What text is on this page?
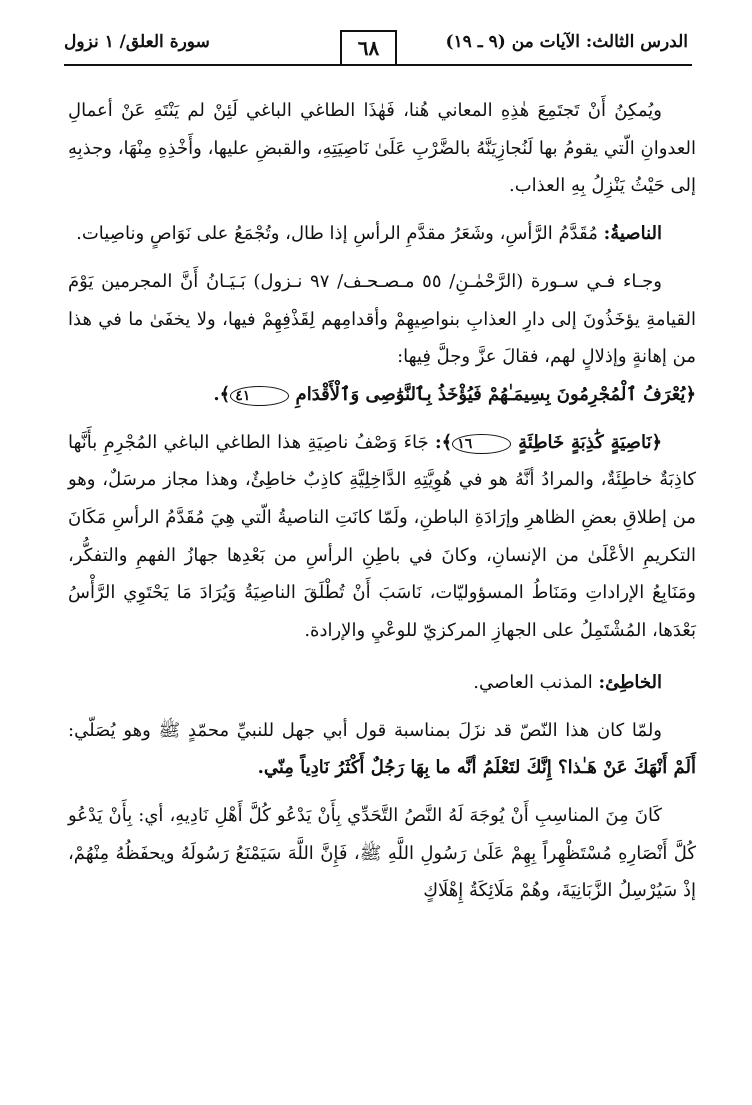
الدرس الثالث: الآيات من (٩ ـ ١٩)
٦٨
سورة العلق/ ١ نزول

ويُمكِنُ أَنْ تَجتَمِعَ هٰذِهِ المعاني هُنا، فَهٰذَا الطاغي الباغي لَئِنْ لم يَنْتَهِ عَنْ أعمالِ العدوانِ الّتي يقومُ بها لَنُجازِيَنَّهُ بالضَّرْبِ عَلَىٰ نَاصِيَتِهِ، والقبضِ عليها، وأَخْذِهِ مِنْهَا، وجذبِهِ إلى حَيْثُ يَنْزِلُ بِهِ العذاب.

الناصيةُ: مُقَدَّمُ الرَّأسِ، وشَعَرُ مقدَّمِ الرأسِ إذا طال، وتُجْمَعُ على نَوَاصٍ وناصِيات.

وجـاء فـي سـورة (الرَّحْمٰـنِ/ ٥٥ مـصـحـف/ ٩٧ نـزول) بَـيَـانُ أَنَّ المجرمين يَوْمَ القيامةِ يؤخَذُونَ إلى دارِ العذابِ بنواصِيهِمْ وأقدامِهم لِقَذْفِهِمْ فيها، ولا يخفَىٰ ما في هذا من إهانةٍ وإذلالٍ لهم، فقالَ عزَّ وجلَّ فِيها:
﴿يُعْرَفُ ٱلْمُجْرِمُونَ بِسِيمَـٰهُمْ فَيُؤْخَذُ بِٱلنَّوَٰصِى وَٱلْأَقْدَامِ ٤١﴾.

﴿نَاصِيَةٍ كَٰذِبَةٍ خَاطِئَةٍ ١٦﴾: جَاءَ وَصْفُ ناصِيَةِ هذا الطاغي الباغي المُجْرِمِ بأَنَّها كاذِبَةٌ خاطِئَةٌ، والمرادُ أنَّهُ هو في هُوِيَّتِهِ الدَّاخِلِيَّةِ كاذِبٌ خاطِئٌ، وهذا مجاز مرسَلٌ، وهو من إطلاقِ بعضِ الظاهرِ وإرَادَةِ الباطنِ، ولَمّا كانَتِ الناصيةُ الّتي هِيَ مُقَدَّمُ الرأسِ مَكَانَ التكريمِ الأعْلَىٰ من الإنسانِ، وكانَ في باطِنِ الرأسِ من بَعْدِها جهازُ الفهمِ والتفكُّر، ومَنَابِعُ الإراداتِ ومَنَاطُ المسؤوليّات، نَاسَبَ أَنْ تُطْلَقَ الناصِيَةُ وَيُرَادَ مَا يَحْتَوِي الرَّأْسُ بَعْدَها، المُشْتَمِلُ على الجهازِ المركزيّ للوعْيِ والإرادة.

الخاطِئ: المذنب العاصي.

ولمّا كان هذا النّصّ قد نزَلَ بمناسبة قول أبي جهل للنبيِّ محمّدٍ ﷺ وهو يُصَلّي: أَلَمْ أَنْهَكَ عَنْ هَـٰذا؟ إِنَّكَ لتَعْلَمُ أنَّه ما بِهَا رَجُلٌ أَكْثَرُ نَادِياً مِنّي.

كَانَ مِنَ المناسِبِ أَنْ يُوجَهَ لَهُ النَّصُ التَّحَدِّي بِأَنْ يَدْعُو كُلَّ أَهْلِ نَادِيهِ، أي: بِأَنْ يَدْعُو كُلَّ أَنْصَارِهِ مُسْتَظْهِراً بِهِمْ عَلَىٰ رَسُولِ اللَّهِ ﷺ، فَإِنَّ اللَّهَ سَيَمْنَعُ رَسُولَهُ ويحفَظُهُ مِنْهُمْ، إذْ سَيُرْسِلُ الزَّبَانِيَةَ، وهُمْ مَلَائِكَةُ إِهْلَاكٍ
